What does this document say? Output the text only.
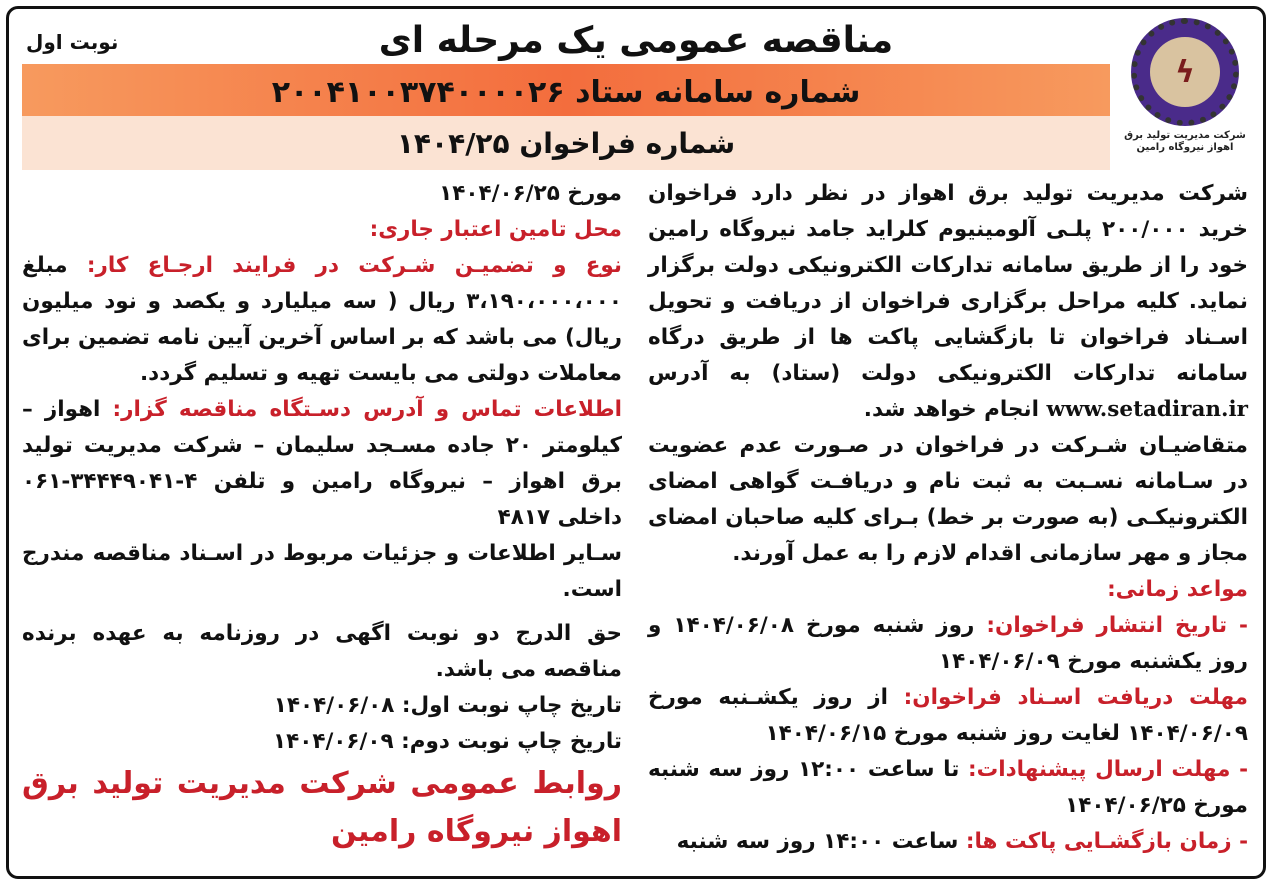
ϟ
شرکت مدیریت تولید برق اهواز نیروگاه رامین
نوبت اول	مناقصه عمومی یک مرحله ای
شماره سامانه ستاد ۲۰۰۴۱۰۰۳۷۴۰۰۰۰۲۶
شماره فراخوان ۱۴۰۴/۲۵

شرکت مدیریت تولید برق اهواز در نظر دارد فراخوان خرید ۲۰۰/۰۰۰ پلـی آلومینیوم کلراید جامد نیروگاه رامین خود را از طریق سامانه تدارکات الکترونیکی دولت برگزار نماید. کلیه مراحل برگزاری فراخوان از دریافت و تحویل اسـناد فراخوان تا بازگشایی پاکت ها از طریق درگاه سامانه تدارکات الکترونیکی دولت (ستاد) به آدرس www.setadiran.ir انجام خواهد شد.

متقاضیـان شـرکت در فراخوان در صـورت عدم عضویت در سـامانه نسـبت به ثبت نام و دریافـت گواهی امضای الکترونیکـی (به صورت بر خط) بـرای کلیه صاحبان امضای مجاز و مهر سازمانی اقدام لازم را به عمل آورند.

مواعد زمانی:

- تاریخ انتشار فراخوان: روز شنبه مورخ ۱۴۰۴/۰۶/۰۸ و روز یکشنبه مورخ ۱۴۰۴/۰۶/۰۹

مهلت دریافت اسـناد فراخوان: از روز یکشـنبه مورخ ۱۴۰۴/۰۶/۰۹ لغایت روز شنبه مورخ ۱۴۰۴/۰۶/۱۵

- مهلت ارسال پیشنهادات: تا ساعت ۱۲:۰۰ روز سه شنبه مورخ ۱۴۰۴/۰۶/۲۵

- زمان بازگشـایی پاکت ها: ساعت ۱۴:۰۰ روز سه شنبه

مورخ ۱۴۰۴/۰۶/۲۵

محل تامین اعتبار جاری:

نوع و تضمیـن شـرکت در فرایند ارجـاع کار: مبلغ ۳،۱۹۰،۰۰۰،۰۰۰ ریال ( سه میلیارد و یکصد و نود میلیون ریال) می باشد که بر اساس آخرین آیین نامه تضمین برای معاملات دولتی می بایست تهیه و تسلیم گردد.

اطلاعات تماس و آدرس دسـتگاه مناقصه گزار: اهواز – کیلومتر ۲۰ جاده مسـجد سلیمان – شرکت مدیریت تولید برق اهواز – نیروگاه رامین و تلفن ۴-۳۴۴۴۹۰۴۱-۰۶۱ داخلی ۴۸۱۷

سـایر اطلاعات و جزئیات مربوط در اسـناد مناقصه مندرج است.

حق الدرج دو نوبت اگهی در روزنامه به عهده برنده مناقصه می باشد.

تاریخ چاپ نوبت اول: ۱۴۰۴/۰۶/۰۸

تاریخ چاپ نوبت دوم: ۱۴۰۴/۰۶/۰۹

روابط عمومی شرکت مدیریت تولید برق اهواز نیروگاه رامین
